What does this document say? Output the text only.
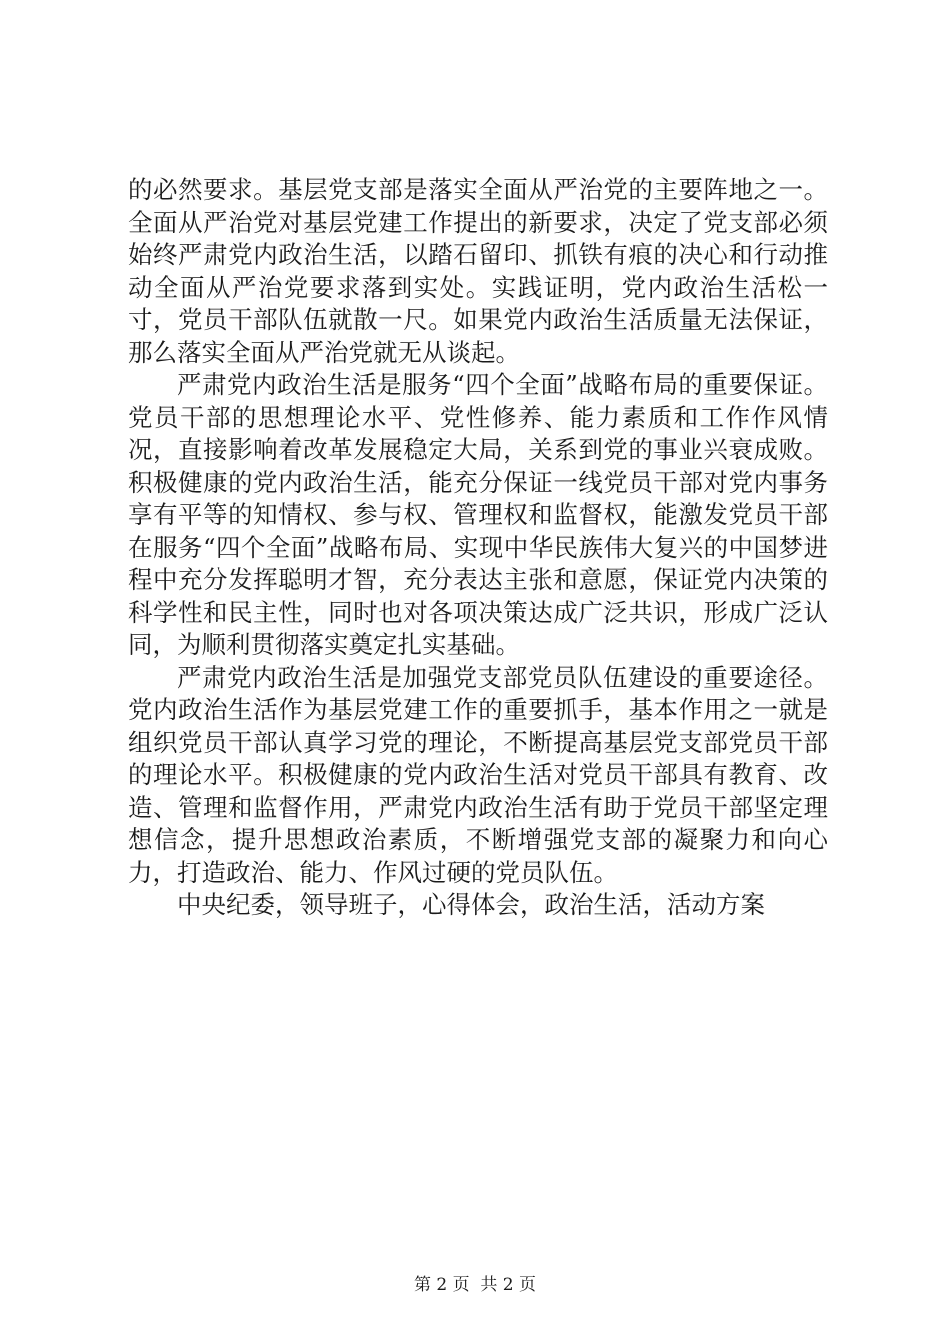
的必然要求。基层党支部是落实全面从严治党的主要阵地之一。全面从严治党对基层党建工作提出的新要求，决定了党支部必须始终严肃党内政治生活，以踏石留印、抓铁有痕的决心和行动推动全面从严治党要求落到实处。实践证明，党内政治生活松一寸，党员干部队伍就散一尺。如果党内政治生活质量无法保证，那么落实全面从严治党就无从谈起。

严肃党内政治生活是服务“四个全面”战略布局的重要保证。党员干部的思想理论水平、党性修养、能力素质和工作作风情况，直接影响着改革发展稳定大局，关系到党的事业兴衰成败。积极健康的党内政治生活，能充分保证一线党员干部对党内事务享有平等的知情权、参与权、管理权和监督权，能激发党员干部在服务“四个全面”战略布局、实现中华民族伟大复兴的中国梦进程中充分发挥聪明才智，充分表达主张和意愿，保证党内决策的科学性和民主性，同时也对各项决策达成广泛共识，形成广泛认同，为顺利贯彻落实奠定扎实基础。

严肃党内政治生活是加强党支部党员队伍建设的重要途径。党内政治生活作为基层党建工作的重要抓手，基本作用之一就是组织党员干部认真学习党的理论，不断提高基层党支部党员干部的理论水平。积极健康的党内政治生活对党员干部具有教育、改造、管理和监督作用，严肃党内政治生活有助于党员干部坚定理想信念，提升思想政治素质，不断增强党支部的凝聚力和向心力，打造政治、能力、作风过硬的党员队伍。

中央纪委，领导班子，心得体会，政治生活，活动方案

第 2 页  共 2 页
